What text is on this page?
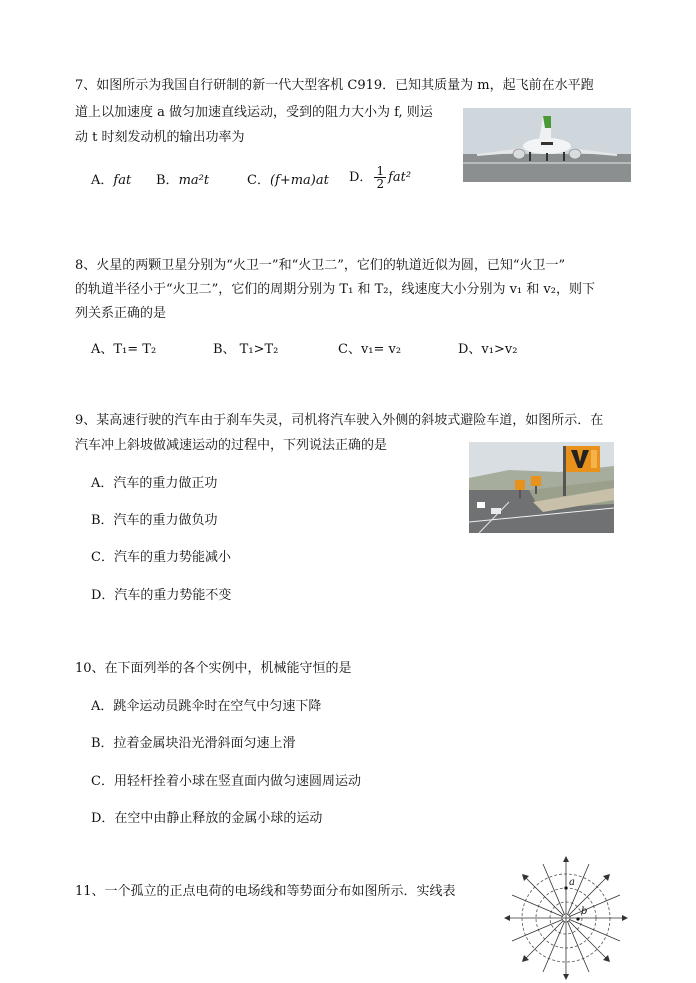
7、如图所示为我国自行研制的新一代大型客机 C919．已知其质量为 m，起飞前在水平跑
道上以加速度 a 做匀加速直线运动，受到的阻力大小为 f, 则运
动 t 时刻发动机的输出功率为
A．fat B．ma²t	C．(f+ma)at D． $\frac{1}{2} fat^2$
8、火星的两颗卫星分别为“火卫一”和“火卫二”，它们的轨道近似为圆，已知“火卫一”
的轨道半径小于“火卫二”，它们的周期分别为 T₁ 和 T₂，线速度大小分别为 v₁ 和 v₂，则下
列关系正确的是
A、T₁= T₂	B、 T₁>T₂	C、v₁= v₂	D、v₁>v₂
9、某高速行驶的汽车由于刹车失灵，司机将汽车驶入外侧的斜坡式避险车道，如图所示．在
汽车冲上斜坡做减速运动的过程中，下列说法正确的是
A．汽车的重力做正功
B．汽车的重力做负功
C．汽车的重力势能减小
D．汽车的重力势能不变
10、在下面列举的各个实例中，机械能守恒的是
A．跳伞运动员跳伞时在空气中匀速下降
B．拉着金属块沿光滑斜面匀速上滑
C．用轻杆拴着小球在竖直面内做匀速圆周运动
D．在空中由静止释放的金属小球的运动
11、一个孤立的正点电荷的电场线和等势面分布如图所示．实线表
a
b
